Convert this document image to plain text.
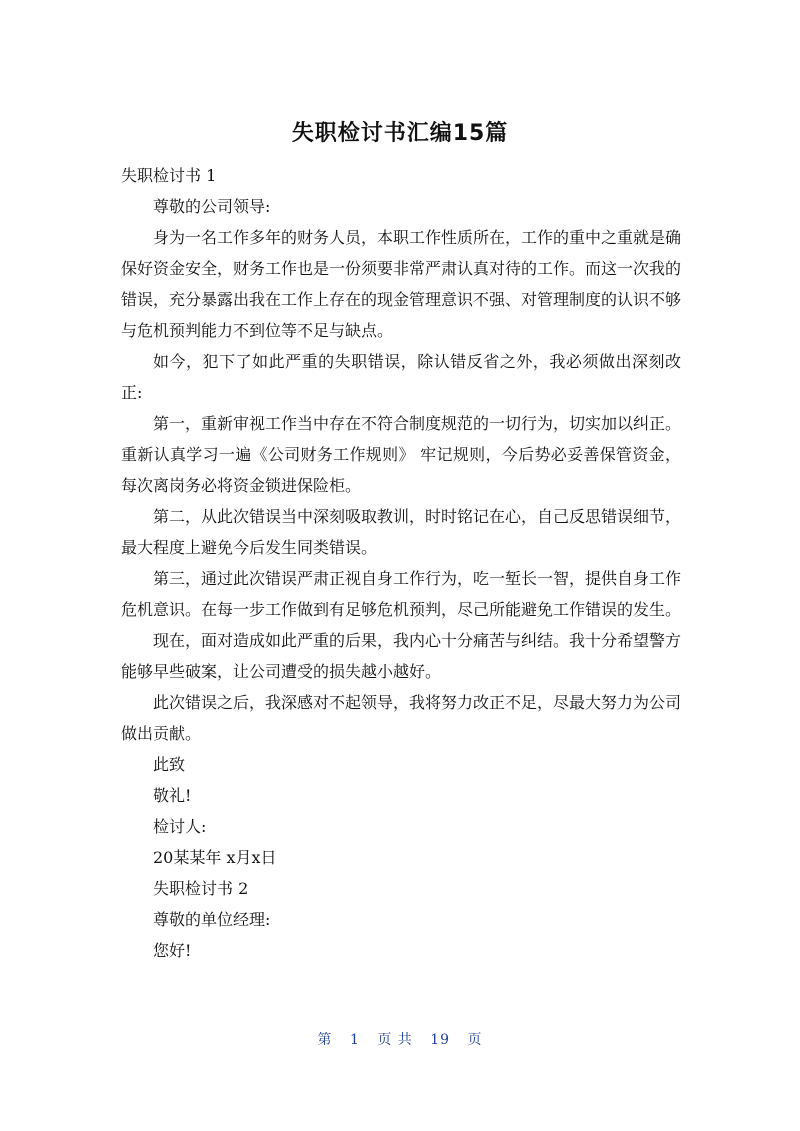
失职检讨书汇编15篇

失职检讨书 1

尊敬的公司领导:

身为一名工作多年的财务人员，本职工作性质所在，工作的重中之重就是确保好资金安全，财务工作也是一份须要非常严肃认真对待的工作。而这一次我的错误，充分暴露出我在工作上存在的现金管理意识不强、对管理制度的认识不够与危机预判能力不到位等不足与缺点。

如今，犯下了如此严重的失职错误，除认错反省之外，我必须做出深刻改正:

第一，重新审视工作当中存在不符合制度规范的一切行为，切实加以纠正。重新认真学习一遍《公司财务工作规则》 牢记规则，今后势必妥善保管资金，每次离岗务必将资金锁进保险柜。

第二，从此次错误当中深刻吸取教训，时时铭记在心，自己反思错误细节，最大程度上避免今后发生同类错误。

第三，通过此次错误严肃正视自身工作行为，吃一堑长一智，提供自身工作危机意识。在每一步工作做到有足够危机预判，尽己所能避免工作错误的发生。

现在，面对造成如此严重的后果，我内心十分痛苦与纠结。我十分希望警方能够早些破案，让公司遭受的损失越小越好。

此次错误之后，我深感对不起领导，我将努力改正不足，尽最大努力为公司做出贡献。

此致

敬礼!

检讨人:

20某某年 x月x日

失职检讨书 2

尊敬的单位经理:

您好!

第 1 页 共 19 页
